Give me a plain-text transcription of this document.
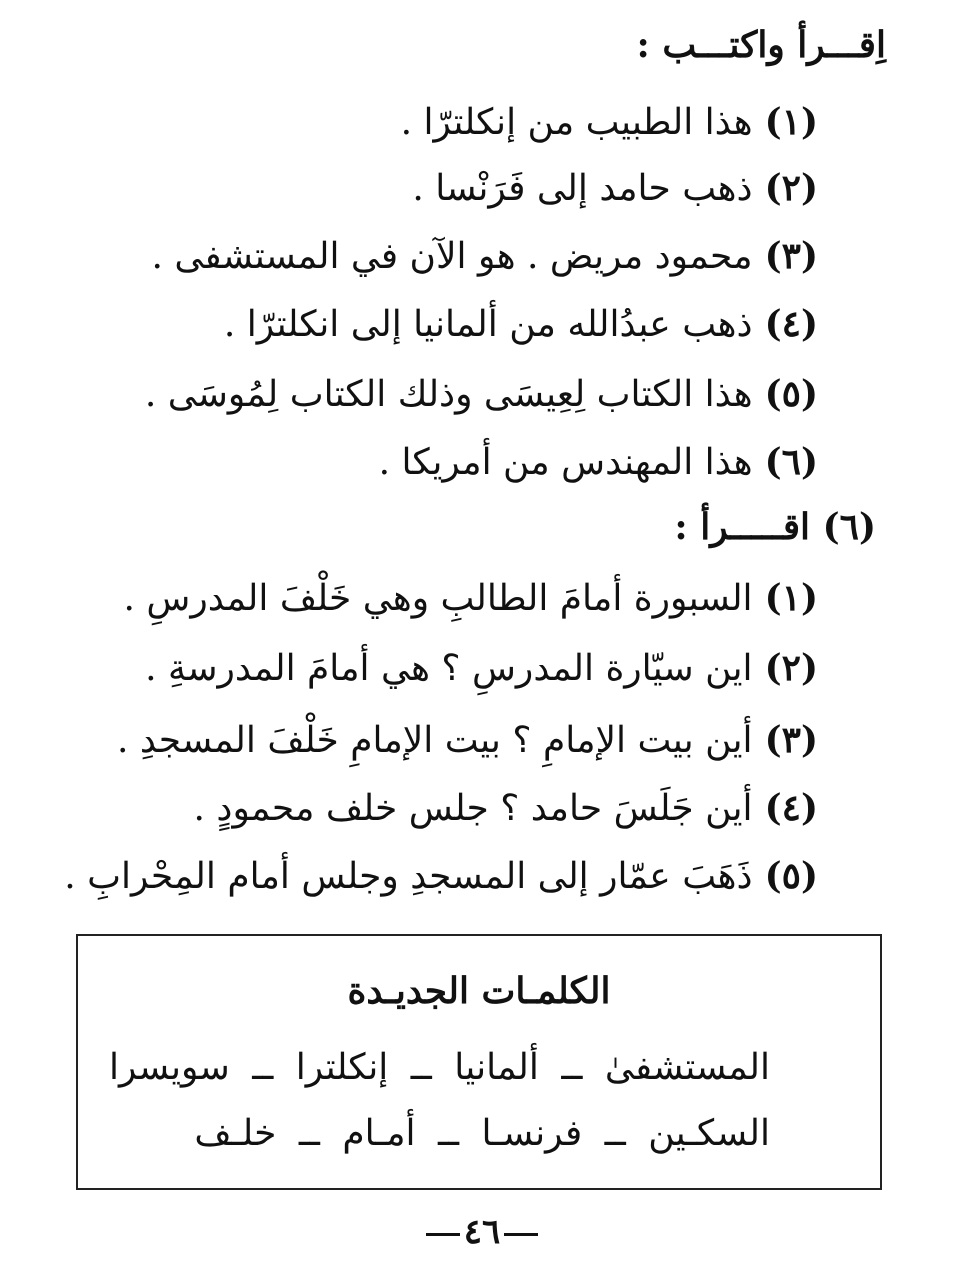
اِقـــرأ واكتـــب :
(١)هذا الطبيب من إنكلترّا .
(٢)ذهب حامد إلى فَرَنْسا .
(٣)محمود مريض . هو الآن في المستشفى .
(٤)ذهب عبدُالله من ألمانيا إلى انكلترّا .
(٥)هذا الكتاب لِعِيسَى وذلك الكتاب لِمُوسَى .
(٦)هذا المهندس من أمريكا .
(٦) اقـــــرأ :
(١)السبورة أمامَ الطالبِ وهي خَلْفَ المدرسِ .
(٢)اين سيّارة المدرسِ ؟ هي أمامَ المدرسةِ .
(٣)أين بيت الإمامِ ؟ بيت الإمامِ خَلْفَ المسجدِ .
(٤)أين جَلَسَ حامد ؟ جلس خلف محمودٍ .
(٥)ذَهَبَ عمّار إلى المسجدِ وجلس أمام المِحْرابِ .
الكلمـات الجديـدة
المستشفىٰــألمانياــإنكلتراــسويسرا
السكـينــفرنسـاــأمـامــخلـف
٤٦
